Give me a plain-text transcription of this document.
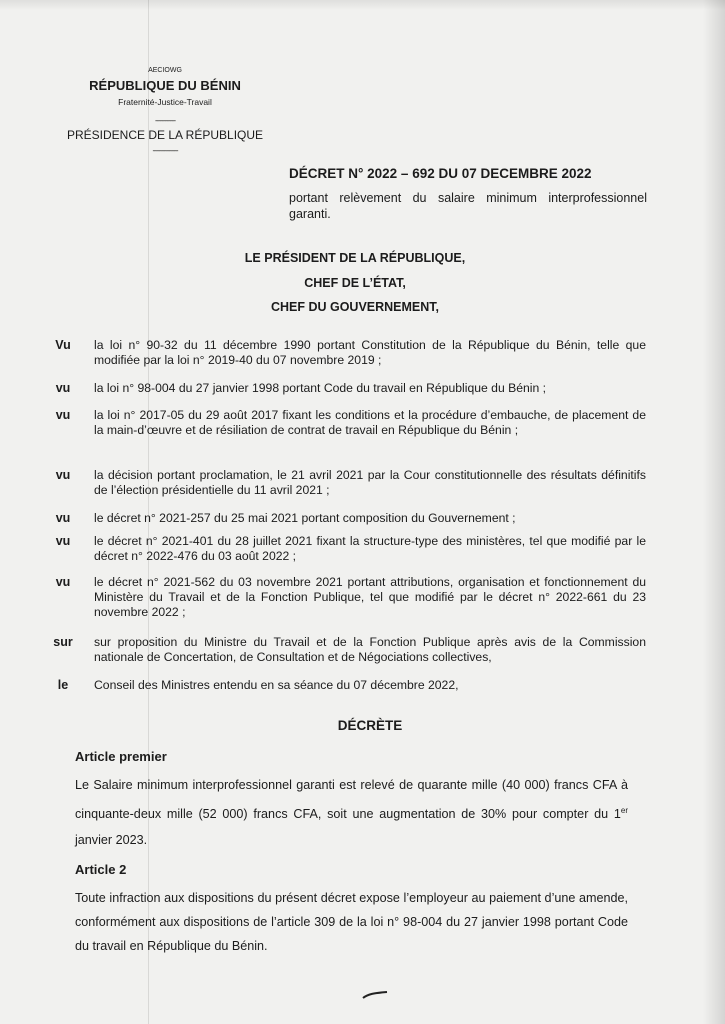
AECIOWG
RÉPUBLIQUE DU BÉNIN
Fraternité-Justice-Travail
------------
PRÉSIDENCE DE LA RÉPUBLIQUE
---------------
DÉCRET N° 2022 – 692 DU 07 DECEMBRE 2022
portant relèvement du salaire minimum interprofessionnel garanti.
LE PRÉSIDENT DE LA RÉPUBLIQUE,
CHEF DE L’ÉTAT,
CHEF DU GOUVERNEMENT,
Vu	la loi n° 90-32 du 11 décembre 1990 portant Constitution de la République du Bénin, telle que modifiée par la loi n° 2019-40 du 07 novembre 2019 ;
vu	la loi n° 98-004 du 27 janvier 1998 portant Code du travail en République du Bénin ;
vu	la loi n° 2017-05 du 29 août 2017 fixant les conditions et la procédure d’embauche, de placement de la main-d’œuvre et de résiliation de contrat de travail en République du Bénin ;
vu	la décision portant proclamation, le 21 avril 2021 par la Cour constitutionnelle des résultats définitifs de l’élection présidentielle du 11 avril 2021 ;
vu	le décret n° 2021-257 du 25 mai 2021 portant composition du Gouvernement ;
vu	le décret n° 2021-401 du 28 juillet 2021 fixant la structure-type des ministères, tel que modifié par le décret n° 2022-476 du 03 août 2022 ;
vu	le décret n° 2021-562 du 03 novembre 2021 portant attributions, organisation et fonctionnement du Ministère du Travail et de la Fonction Publique, tel que modifié par le décret n° 2022-661 du 23 novembre 2022 ;
sur	sur proposition du Ministre du Travail et de la Fonction Publique après avis de la Commission nationale de Concertation, de Consultation et de Négociations collectives,
le	Conseil des Ministres entendu en sa séance du 07 décembre 2022,
DÉCRÈTE
Article premier
Le Salaire minimum interprofessionnel garanti est relevé de quarante mille (40 000) francs CFA à cinquante-deux mille (52 000) francs CFA, soit une augmentation de 30% pour compter du 1er janvier 2023.
Article 2
Toute infraction aux dispositions du présent décret expose l’employeur au paiement d’une amende, conformément aux dispositions de l’article 309 de la loi n° 98-004 du 27 janvier 1998 portant Code du travail en République du Bénin.
